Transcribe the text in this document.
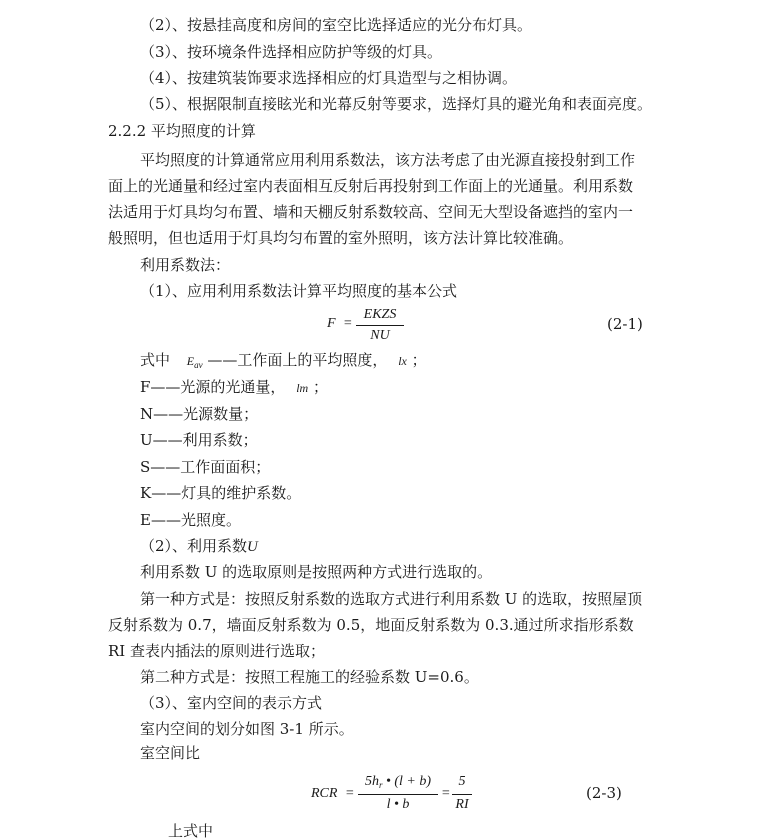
（2）、按悬挂高度和房间的室空比选择适应的光分布灯具。
（3）、按环境条件选择相应防护等级的灯具。
（4）、按建筑装饰要求选择相应的灯具造型与之相协调。
（5）、根据限制直接眩光和光幕反射等要求，选择灯具的避光角和表面亮度。
2.2.2 平均照度的计算
平均照度的计算通常应用利用系数法，该方法考虑了由光源直接投射到工作
面上的光通量和经过室内表面相互反射后再投射到工作面上的光通量。利用系数
法适用于灯具均匀布置、墙和天棚反射系数较高、空间无大型设备遮挡的室内一
般照明，但也适用于灯具均匀布置的室外照明，该方法计算比较准确。
利用系数法：
（1）、应用利用系数法计算平均照度的基本公式
F =
EKZS
NU
(2-1)
式中 $E_{av}$ ——工作面上的平均照度， lx ；
F——光源的光通量， lm ；
N——光源数量；
U——利用系数；
S——工作面面积；
K——灯具的维护系数。
E——光照度。
（2）、利用系数U
利用系数 U 的选取原则是按照两种方式进行选取的。
第一种方式是：按照反射系数的选取方式进行利用系数 U 的选取，按照屋顶
反射系数为 0.7，墙面反射系数为 0.5，地面反射系数为 0.3.通过所求指形系数
RI 查表内插法的原则进行选取；
第二种方式是：按照工程施工的经验系数 U=0.6。
（3）、室内空间的表示方式
室内空间的划分如图 3-1 所示。
室空间比
RCR =
$5h_r$ • (l + b)
l • b
=
5
RI
(2-3)
上式中
